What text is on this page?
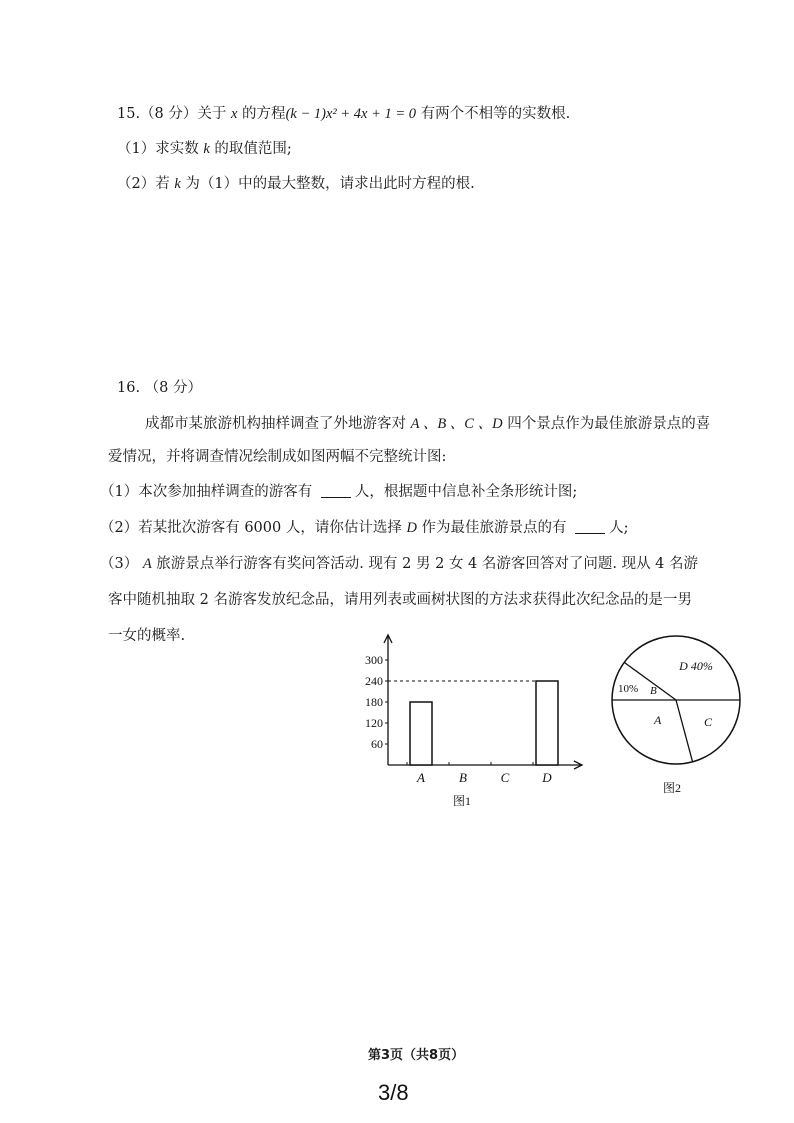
15.（8 分）关于 x 的方程(k − 1)x² + 4x + 1 = 0 有两个不相等的实数根.
（1）求实数 k 的取值范围;
（2）若 k 为（1）中的最大整数，请求出此时方程的根.
16. （8 分）
成都市某旅游机构抽样调查了外地游客对 A 、B 、C 、D 四个景点作为最佳旅游景点的喜
爱情况，并将调查情况绘制成如图两幅不完整统计图:
（1）本次参加抽样调查的游客有	人，根据题中信息补全条形统计图;
（2）若某批次游客有 6000 人，请你估计选择 D 作为最佳旅游景点的有	人;
（3） A 旅游景点举行游客有奖问答活动. 现有 2 男 2 女 4 名游客回答对了问题. 现从 4 名游
客中随机抽取 2 名游客发放纪念品，请用列表或画树状图的方法求获得此次纪念品的是一男
一女的概率.
60
120
180
240
300
A	B	C	D
图1
D 40%
10% B
A	C
图2
第3页（共8页）
3/8
